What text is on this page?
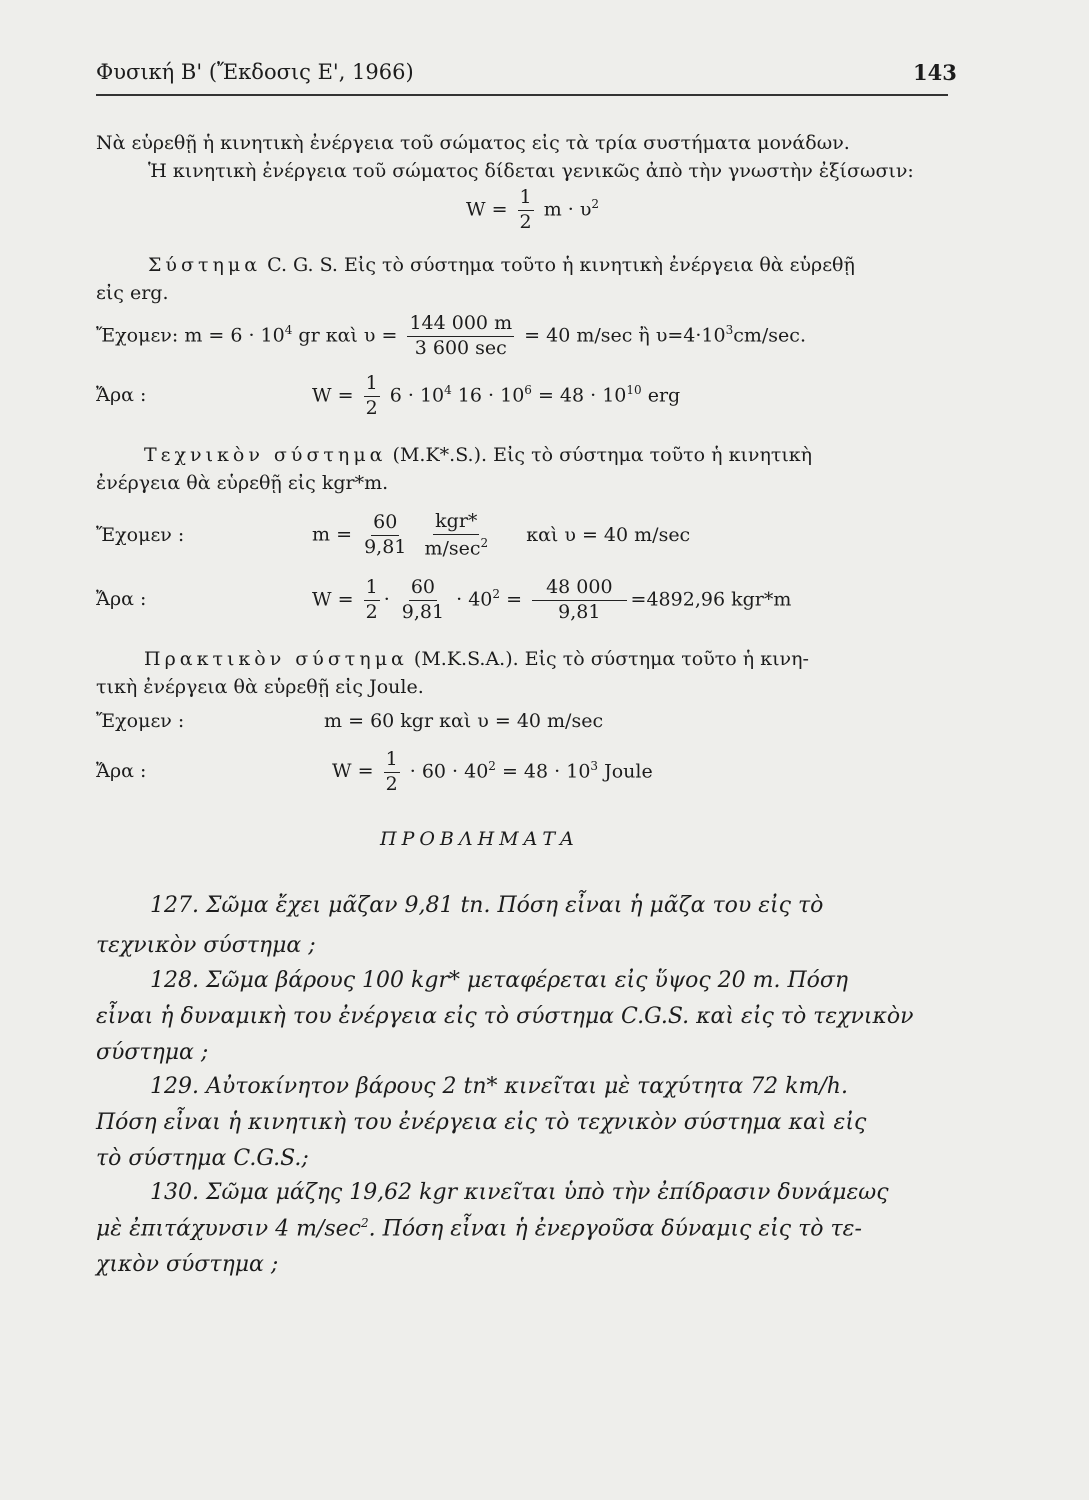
Φυσική Β' (Ἔκδοσις Ε', 1966)	143
Νὰ εὑρεθῇ ἡ κινητικὴ ἐνέργεια τοῦ σώματος εἰς τὰ τρία συστήματα μονάδων.
Ἡ κινητικὴ ἐνέργεια τοῦ σώματος δίδεται γενικῶς ἀπὸ τὴν γνωστὴν ἐξίσωσιν:
$W = \frac{1}{2}$ $m \cdot \upsilon^2$
Σύστημα C. G. S. Εἰς τὸ σύστημα τοῦτο ἡ κινητικὴ ἐνέργεια θὰ εὑρεθῇ
εἰς erg.
Ἔχομεν: $m = 6 \cdot 10^4$ gr καὶ $\upsilon = \frac{144 000 m}{3 600 \sec} = 40$ m/sec ἢ $\upsilon=4\cdot 10^3cm/\sec$.
Ἄρα :	$W = \frac{1}{2} 6 \cdot 10^4$ $16 \cdot 10^6 = 48 \cdot 10^{10}$ erg
Τεχνικὸν σύστημα (M.K*.S.). Εἰς τὸ σύστημα τοῦτο ἡ κινητικὴ
ἐνέργεια θὰ εὑρεθῇ εἰς kgr*m.
Ἔχομεν :	$m = \frac{60}{9,81}$
$\frac{\text{kgr*}}{m/\sec^2}$ καὶ υ = 40 m/sec
Ἄρα :	$W = \frac{1}{2} \cdot \frac{60}{9,81} \cdot 40^2 = \frac{48 000}{9,81} =4892,96$ kgr*m
Πρακτικὸν σύστημα (M.K.S.A.). Εἰς τὸ σύστημα τοῦτο ἡ κινη-
τικὴ ἐνέργεια θὰ εὑρεθῇ εἰς Joule.
Ἔχομεν :	m = 60 kgr καὶ υ = 40 m/sec
Ἄρα :	$W = \frac{1}{2} \cdot 60 \cdot 40^2 = 48 \cdot 10^3$ Joule
ΠΡΟΒΛΗΜΑΤΑ
127. Σῶμα ἔχει μᾶζαν 9,81 tn. Πόση εἶναι ἡ μᾶζα του εἰς τὸ
τεχνικὸν σύστημα ;
128. Σῶμα βάρους 100 kgr* μεταφέρεται εἰς ὕψος 20 m. Πόση
εἶναι ἡ δυναμικὴ του ἐνέργεια εἰς τὸ σύστημα C.G.S. καὶ εἰς τὸ τεχνικὸν
σύστημα ;
129. Αὐτοκίνητον βάρους 2 tn* κινεῖται μὲ ταχύτητα 72 km/h.
Πόση εἶναι ἡ κινητικὴ του ἐνέργεια εἰς τὸ τεχνικὸν σύστημα καὶ εἰς
τὸ σύστημα C.G.S.;
130. Σῶμα μάζης 19,62 kgr κινεῖται ὑπὸ τὴν ἐπίδρασιν δυνάμεως
μὲ ἐπιτάχυνσιν 4 $m/\sec^2$. Πόση εἶναι ἡ ἐνεργοῦσα δύναμις εἰς τὸ τε-
χικὸν σύστημα ;
